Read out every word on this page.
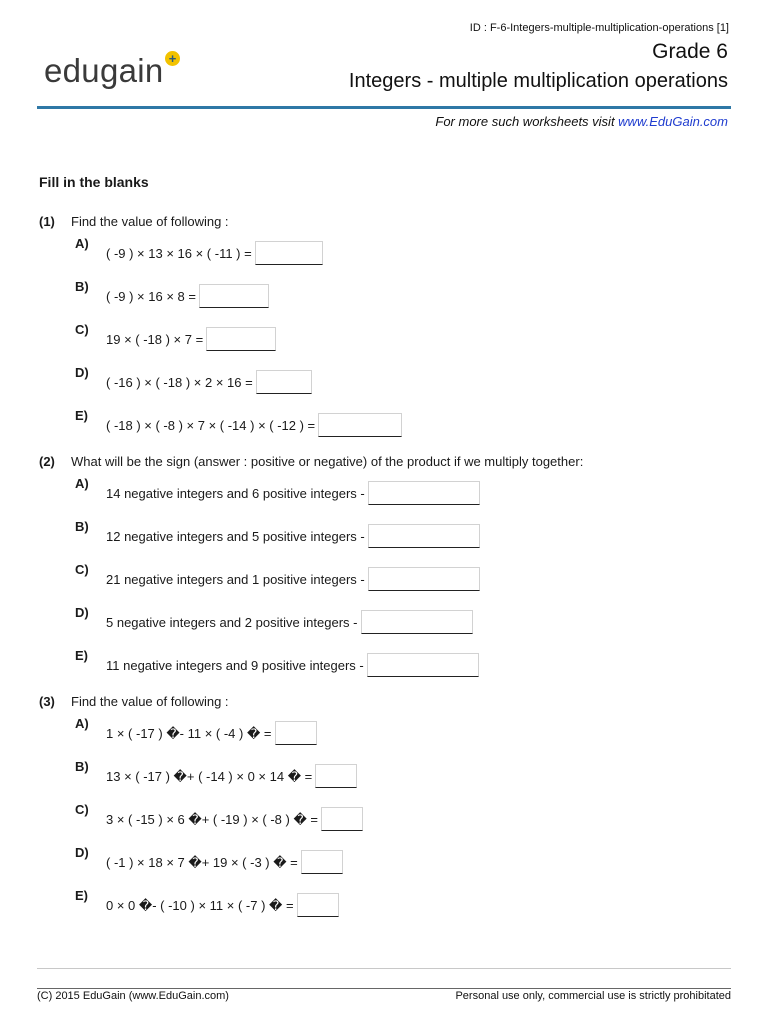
ID : F-6-Integers-multiple-multiplication-operations [1]
edugain +	Grade 6
Integers - multiple multiplication operations
For more such worksheets visit www.EduGain.com
Fill in the blanks
(1) Find the value of following :
A)
( -9 ) × 13 × 16 × ( -11 ) =
B)
( -9 ) × 16 × 8 =
C)
19 × ( -18 ) × 7 =
D)
( -16 ) × ( -18 ) × 2 × 16 =
E)
( -18 ) × ( -8 ) × 7 × ( -14 ) × ( -12 ) =
(2) What will be the sign (answer : positive or negative) of the product if we multiply together:
A)
14 negative integers and 6 positive integers -
B)
12 negative integers and 5 positive integers -
C)
21 negative integers and 1 positive integers -
D)
5 negative integers and 2 positive integers -
E)
11 negative integers and 9 positive integers -
(3) Find the value of following :
A)
1 × ( -17 ) �- 11 × ( -4 ) � =
B)
13 × ( -17 ) �+ ( -14 ) × 0 × 14 � =
C)
3 × ( -15 ) × 6 �+ ( -19 ) × ( -8 ) � =
D)
( -1 ) × 18 × 7 �+ 19 × ( -3 ) � =
E)
0 × 0 �- ( -10 ) × 11 × ( -7 ) � =
(C) 2015 EduGain (www.EduGain.com)	Personal use only, commercial use is strictly prohibitated
